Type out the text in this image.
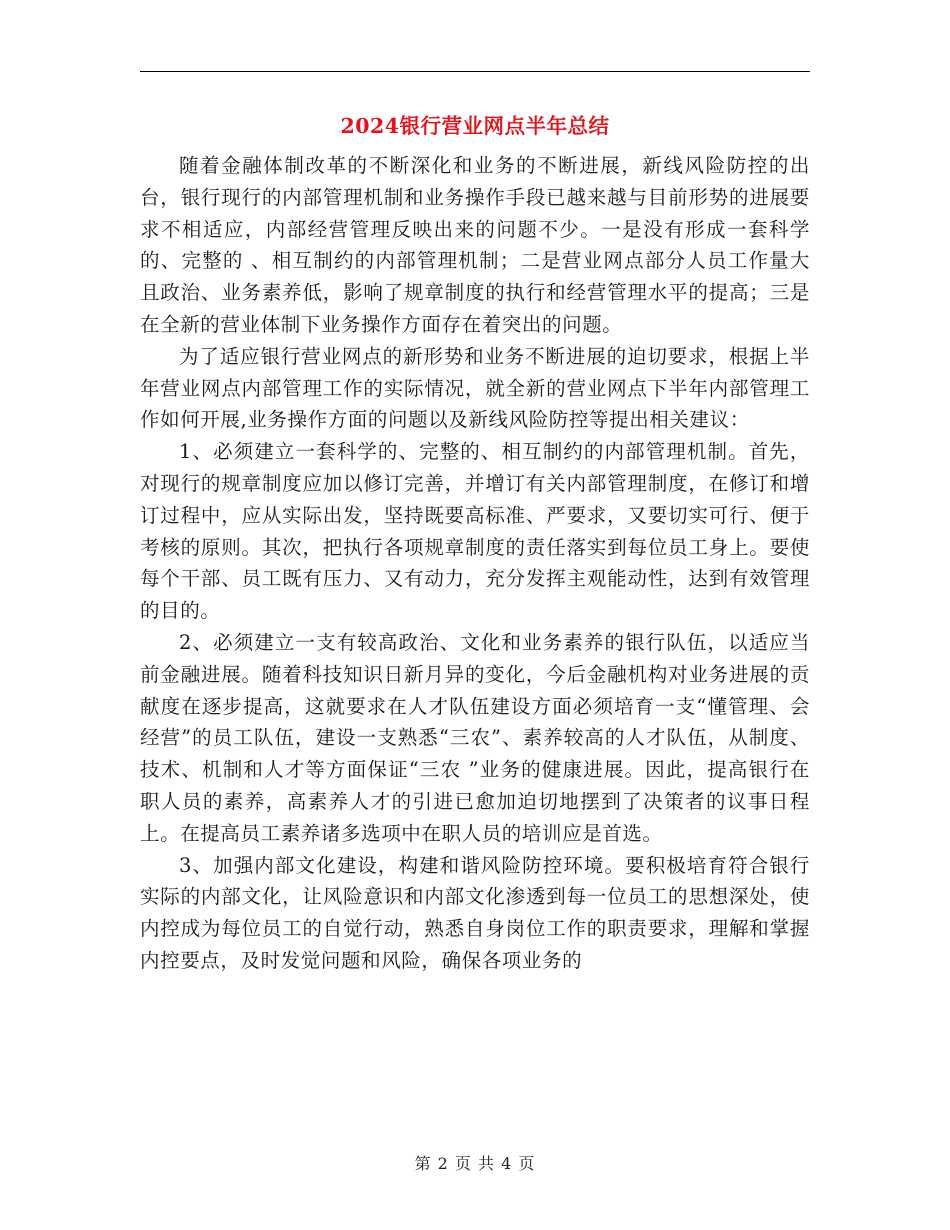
2024银行营业网点半年总结

随着金融体制改革的不断深化和业务的不断进展，新线风险防控的出台，银行现行的内部管理机制和业务操作手段已越来越与目前形势的进展要求不相适应，内部经营管理反映出来的问题不少。一是没有形成一套科学的、完整的 、相互制约的内部管理机制；二是营业网点部分人员工作量大且政治、业务素养低，影响了规章制度的执行和经营管理水平的提高；三是在全新的营业体制下业务操作方面存在着突出的问题。

为了适应银行营业网点的新形势和业务不断进展的迫切要求，根据上半年营业网点内部管理工作的实际情况，就全新的营业网点下半年内部管理工作如何开展,业务操作方面的问题以及新线风险防控等提出相关建议：

1、必须建立一套科学的、完整的、相互制约的内部管理机制。首先，对现行的规章制度应加以修订完善，并增订有关内部管理制度，在修订和增订过程中，应从实际出发，坚持既要高标准、严要求，又要切实可行、便于考核的原则。其次，把执行各项规章制度的责任落实到每位员工身上。要使每个干部、员工既有压力、又有动力，充分发挥主观能动性，达到有效管理的目的。

2、必须建立一支有较高政治、文化和业务素养的银行队伍，以适应当前金融进展。随着科技知识日新月异的变化，今后金融机构对业务进展的贡献度在逐步提高，这就要求在人才队伍建设方面必须培育一支“懂管理、会经营”的员工队伍，建设一支熟悉“三农”、素养较高的人才队伍，从制度、技术、机制和人才等方面保证“三农 ”业务的健康进展。因此，提高银行在职人员的素养，高素养人才的引进已愈加迫切地摆到了决策者的议事日程上。在提高员工素养诸多选项中在职人员的培训应是首选。

3、加强内部文化建设，构建和谐风险防控环境。要积极培育符合银行实际的内部文化，让风险意识和内部文化渗透到每一位员工的思想深处，使内控成为每位员工的自觉行动，熟悉自身岗位工作的职责要求，理解和掌握内控要点，及时发觉问题和风险，确保各项业务的

第 2 页 共 4 页
